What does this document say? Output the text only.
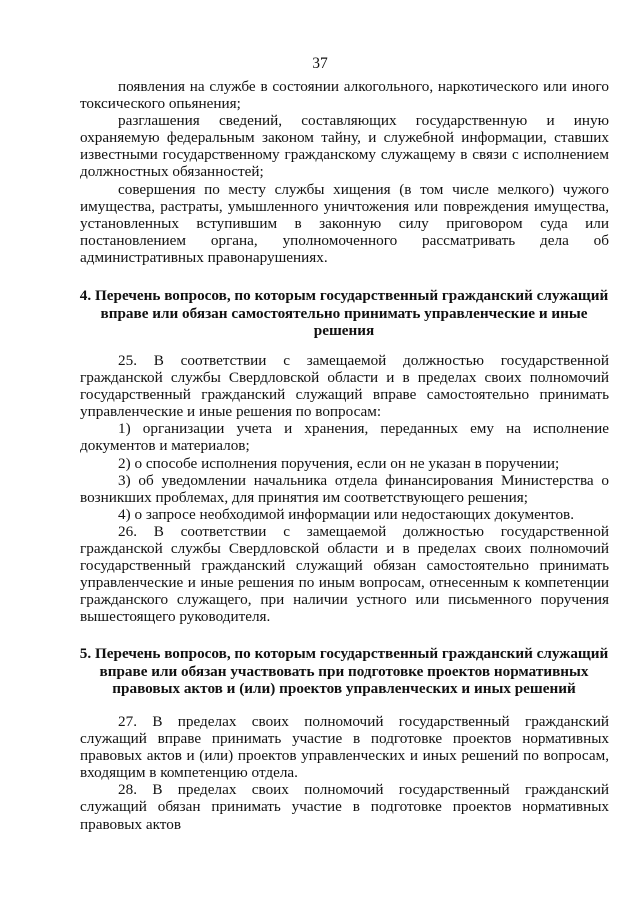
37

появления на службе в состоянии алкогольного, наркотического или иного токсического опьянения;

разглашения сведений, составляющих государственную и иную охраняемую федеральным законом тайну, и служебной информации, ставших известными государственному гражданскому служащему в связи с исполнением должностных обязанностей;

совершения по месту службы хищения (в том числе мелкого) чужого имущества, растраты, умышленного уничтожения или повреждения имущества, установленных вступившим в законную силу приговором суда или постановлением органа, уполномоченного рассматривать дела об административных правонарушениях.

4. Перечень вопросов, по которым государственный гражданский служащий вправе или обязан самостоятельно принимать управленческие и иные решения

25. В соответствии с замещаемой должностью государственной гражданской службы Свердловской области и в пределах своих полномочий государственный гражданский служащий вправе самостоятельно принимать управленческие и иные решения по вопросам:

1) организации учета и хранения, переданных ему на исполнение документов и материалов;

2) о способе исполнения поручения, если он не указан в поручении;

3) об уведомлении начальника отдела финансирования Министерства о возникших проблемах, для принятия им соответствующего решения;

4) о запросе необходимой информации или недостающих документов.

26. В соответствии с замещаемой должностью государственной гражданской службы Свердловской области и в пределах своих полномочий государственный гражданский служащий обязан самостоятельно принимать управленческие и иные решения по иным вопросам, отнесенным к компетенции гражданского служащего, при наличии устного или письменного поручения вышестоящего руководителя.

5. Перечень вопросов, по которым государственный гражданский служащий вправе или обязан участвовать при подготовке проектов нормативных правовых актов и (или) проектов управленческих и иных решений

27. В пределах своих полномочий государственный гражданский служащий вправе принимать участие в подготовке проектов нормативных правовых актов и (или) проектов управленческих и иных решений по вопросам, входящим в компетенцию отдела.

28. В пределах своих полномочий государственный гражданский служащий обязан принимать участие в подготовке проектов нормативных правовых актов
